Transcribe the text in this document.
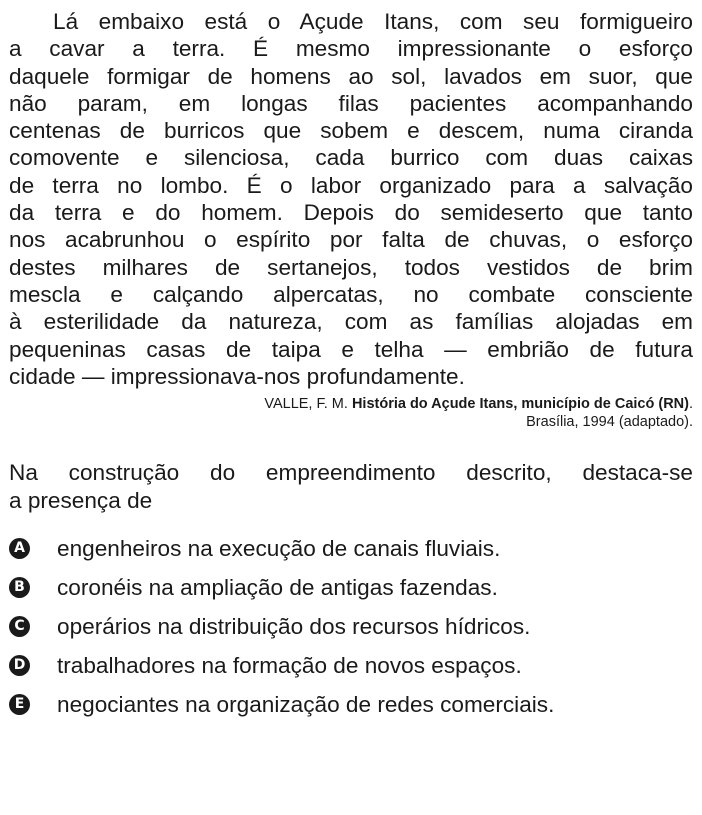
Lá embaixo está o Açude Itans, com seu formigueiro
a cavar a terra. É mesmo impressionante o esforço
daquele formigar de homens ao sol, lavados em suor, que
não param, em longas filas pacientes acompanhando
centenas de burricos que sobem e descem, numa ciranda
comovente e silenciosa, cada burrico com duas caixas
de terra no lombo. É o labor organizado para a salvação
da terra e do homem. Depois do semideserto que tanto
nos acabrunhou o espírito por falta de chuvas, o esforço
destes milhares de sertanejos, todos vestidos de brim
mescla e calçando alpercatas, no combate consciente
à esterilidade da natureza, com as famílias alojadas em
pequeninas casas de taipa e telha — embrião de futura
cidade — impressionava-nos profundamente.
VALLE, F. M. História do Açude Itans, município de Caicó (RN).
Brasília, 1994 (adaptado).
Na construção do empreendimento descrito, destaca-se
a presença de
A engenheiros na execução de canais fluviais.
B coronéis na ampliação de antigas fazendas.
C operários na distribuição dos recursos hídricos.
D trabalhadores na formação de novos espaços.
E negociantes na organização de redes comerciais.
